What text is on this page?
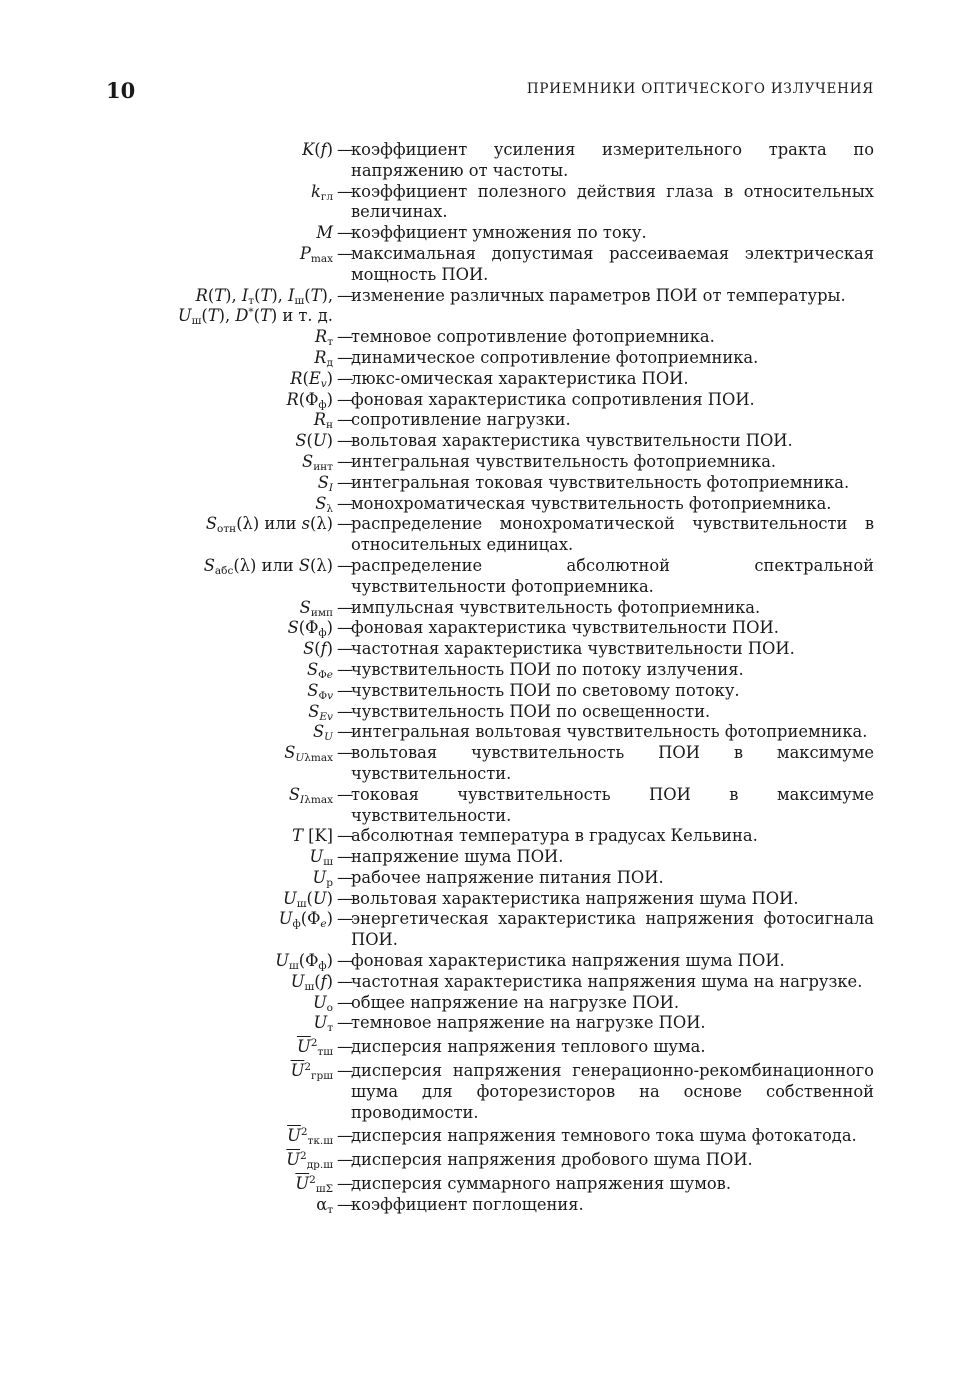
10	ПРИЕМНИКИ ОПТИЧЕСКОГО ИЗЛУЧЕНИЯ
K(f) —
коэффициент усиления измерительного тракта по напряжению от частоты.
$k_{гл}$ —
коэффициент полезного действия глаза в относительных величинах.
M —
коэффициент умножения по току.
$P_{max}$ —
максимальная допустимая рассеиваемая электрическая мощность ПОИ.
R(T), $I_т(T)$, $I_ш(T)$,
$U_ш(T)$, D*(T) и т. д.
—
изменение различных параметров ПОИ от температуры.
$R_т$ —
темновое сопротивление фотоприемника.
$R_д$ —
динамическое сопротивление фотоприемника.
$R(E_v)$ —
люкс-омическая характеристика ПОИ.
$R(\Phi_ф)$ —
фоновая характеристика сопротивления ПОИ.
$R_н$ —
сопротивление нагрузки.
S(U) —
вольтовая характеристика чувствительности ПОИ.
$S_{инт}$ —
интегральная чувствительность фотоприемника.
$S_I$ —
интегральная токовая чувствительность фотоприемника.
$S_\lambda$ —
монохроматическая чувствительность фотоприемника.
$S_{отн}(\lambda)$ или s(λ) —
распределение монохроматической чувствительности в относительных единицах.
$S_{абс}(\lambda)$ или S(λ) —
распределение абсолютной спектральной чувствительности фотоприемника.
$S_{имп}$ —
импульсная чувствительность фотоприемника.
$S(\Phi_ф)$ —
фоновая характеристика чувствительности ПОИ.
S(f) —
частотная характеристика чувствительности ПОИ.
$S_{\Phi e}$ —
чувствительность ПОИ по потоку излучения.
$S_{\Phi v}$ —
чувствительность ПОИ по световому потоку.
$S_{Ev}$ —
чувствительность ПОИ по освещенности.
$S_U$ —
интегральная вольтовая чувствительность фотоприемника.
$S_{U\lambda max}$ —
вольтовая чувствительность ПОИ в максимуме чувствительности.
$S_{I\lambda max}$ —
токовая чувствительность ПОИ в максимуме чувствительности.
T [K] —
абсолютная температура в градусах Кельвина.
$U_ш$ —
напряжение шума ПОИ.
$U_р$ —
рабочее напряжение питания ПОИ.
$U_ш(U)$ —
вольтовая характеристика напряжения шума ПОИ.
$U_ф(\Phi_e)$ —
энергетическая характеристика напряжения фотосигнала ПОИ.
$U_ш(\Phi_ф)$ —
фоновая характеристика напряжения шума ПОИ.
$U_ш(f)$ —
частотная характеристика напряжения шума на нагрузке.
$U_о$ —
общее напряжение на нагрузке ПОИ.
$U_т$ —
темновое напряжение на нагрузке ПОИ.
$\overline{U}^2_{тш}$ —
дисперсия напряжения теплового шума.
$\overline{U}^2_{грш}$ —
дисперсия напряжения генерационно-рекомбинационного шума для фоторезисторов на основе собственной проводимости.
$\overline{U}^2_{тк.ш}$ —
дисперсия напряжения темнового тока шума фотокатода.
$\overline{U}^2_{др.ш}$ —
дисперсия напряжения дробового шума ПОИ.
$\overline{U}^2_{ш\Sigma}$ —
дисперсия суммарного напряжения шумов.
$\alpha_т$ —
коэффициент поглощения.
